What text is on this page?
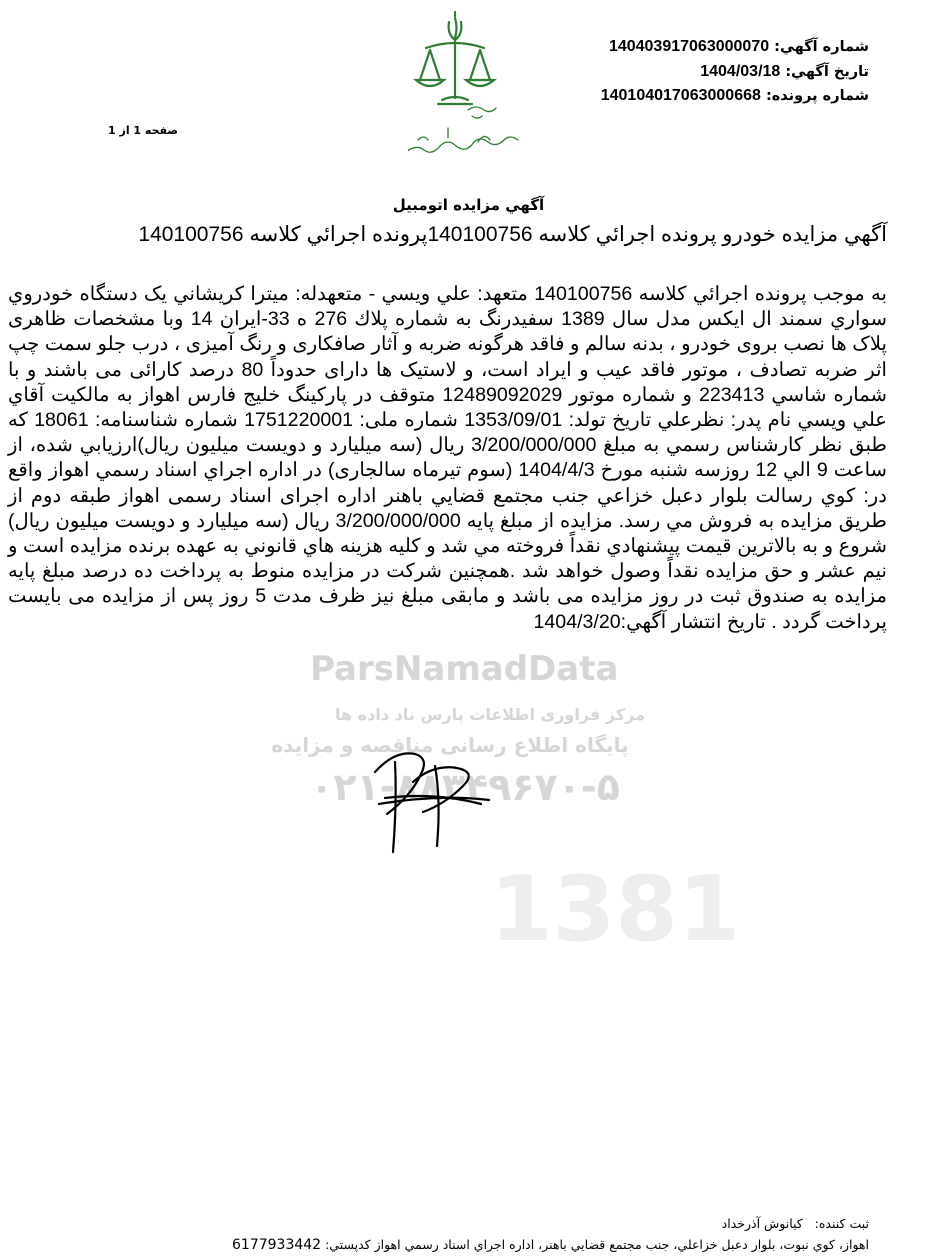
شماره آگهي: 140403917063000070
تاريخ آگهي: 1404/03/18
شماره پرونده: 140104017063000668
صفحه 1 از 1
آگهي مزايده اتومبيل
آگهي مزايده خودرو پرونده اجرائي كلاسه 140100756پرونده اجرائي كلاسه 140100756
ParsNamadData
مرکز فراوری اطلاعات پارس ناد داده ها
پایگاه اطلاع رسانی مناقصه و مزایده
۰۲۱-۸۸۳۴۹۶۷۰-۵
1381
به موجب پرونده اجرائي كلاسه 140100756 متعهد: علي ويسي - متعهدله: ميترا كريشاني يک دستگاه خودروي سواري سمند ال ايكس مدل سال 1389 سفيدرنگ به شماره پلاك 276 ه 33-ايران 14 وبا مشخصات ظاهری پلاک ها نصب بروی خودرو ، بدنه سالم و فاقد هرگونه ضربه و آثار صافکاری و رنگ آمیزی ، درب جلو سمت چپ اثر ضربه تصادف ، موتور فاقد عیب و ایراد است، و لاستیک ها دارای حدوداً 80 درصد کارائی می باشند و با شماره شاسي 223413 و شماره موتور 12489092029 متوقف در پاركينگ خليج فارس اهواز به مالكيت آقاي علي ويسي نام پدر: نظرعلي تاريخ تولد: 1353/09/01 شماره ملی: 1751220001 شماره شناسنامه: 18061 كه طبق نظر كارشناس رسمي به مبلغ 3/200/000/000 ريال (سه ميليارد و دويست ميليون ريال)ارزيابي شده، از ساعت 9 الي 12 روزسه شنبه مورخ 1404/4/3 (سوم تیرماه سالجاری) در اداره اجراي اسناد رسمي اهواز واقع در: كوي رسالت بلوار دعبل خزاعي جنب مجتمع قضايي باهنر اداره اجرای اسناد رسمی اهواز طبقه دوم از طريق مزايده به فروش مي رسد. مزايده از مبلغ پايه 3/200/000/000 ريال (سه ميليارد و دويست ميليون ريال) شروع و به بالاترين قيمت پيشنهادي نقداً فروخته مي شد و كليه هزينه هاي قانوني به عهده برنده مزايده است و نيم عشر و حق مزايده نقداً وصول خواهد شد .همچنین شرکت در مزایده منوط به پرداخت ده درصد مبلغ پایه مزایده به صندوق ثبت در روز مزایده می باشد و مابقی مبلغ نیز ظرف مدت 5 روز پس از مزایده می بایست پرداخت گردد . تاريخ انتشار آگهي:1404/3/20
ثبت كننده:   كيانوش آذرخداد
اهواز، كوي نبوت، بلوار دعبل خزاعلي، جنب مجتمع قضايي باهنر، اداره اجراي اسناد رسمي اهواز كدپستي: 6177933442
